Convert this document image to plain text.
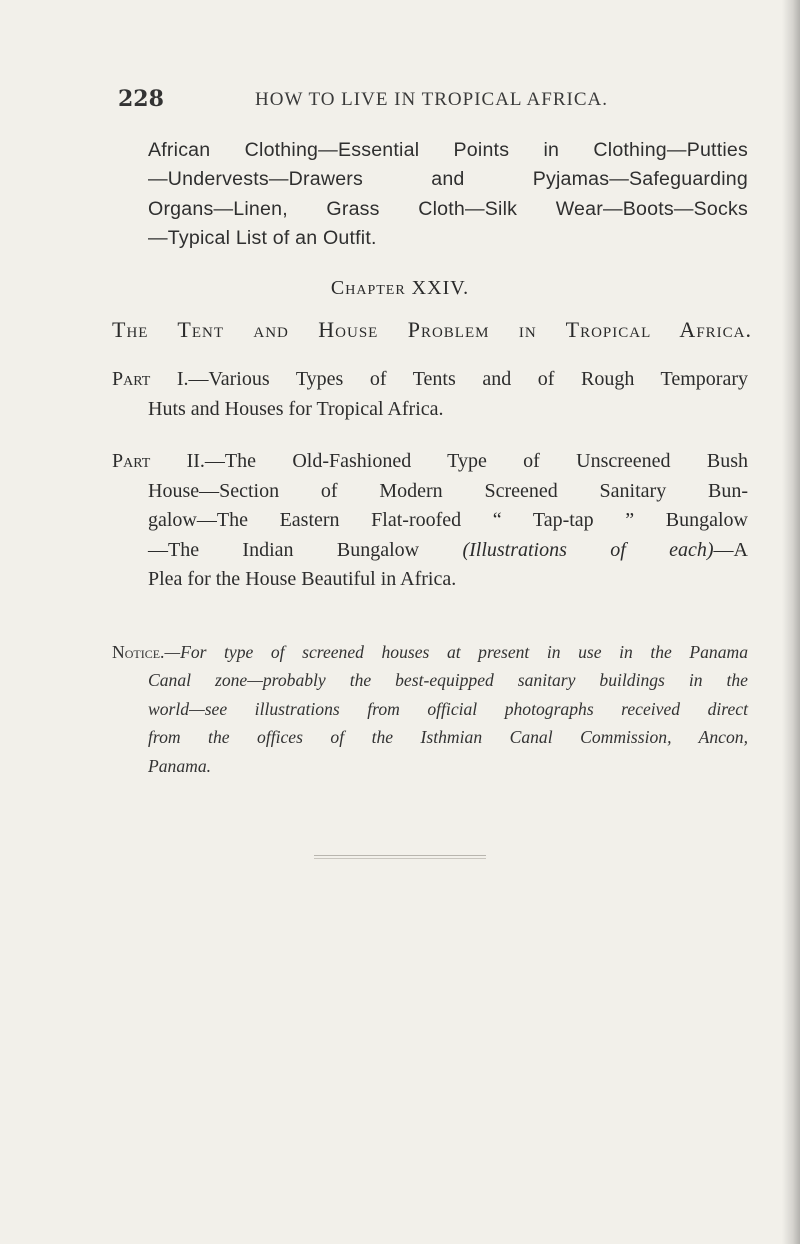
228	HOW TO LIVE IN TROPICAL AFRICA.
African Clothing—Essential Points in Clothing—Putties
—Undervests—Drawers and Pyjamas—Safeguarding
Organs—Linen, Grass Cloth—Silk Wear—Boots—Socks
—Typical List of an Outfit.
Chapter XXIV.
The Tent and House Problem in Tropical Africa.
Part I.—Various Types of Tents and of Rough Temporary
Huts and Houses for Tropical Africa.
Part II.—The Old-Fashioned Type of Unscreened Bush
House—Section of Modern Screened Sanitary Bun-
galow—The Eastern Flat-roofed “ Tap-tap ” Bungalow
—The Indian Bungalow (Illustrations of each)—A
Plea for the House Beautiful in Africa.
Notice.—For type of screened houses at present in use in the Panama
Canal zone—probably the best-equipped sanitary buildings in the
world—see illustrations from official photographs received direct
from the offices of the Isthmian Canal Commission, Ancon,
Panama.
